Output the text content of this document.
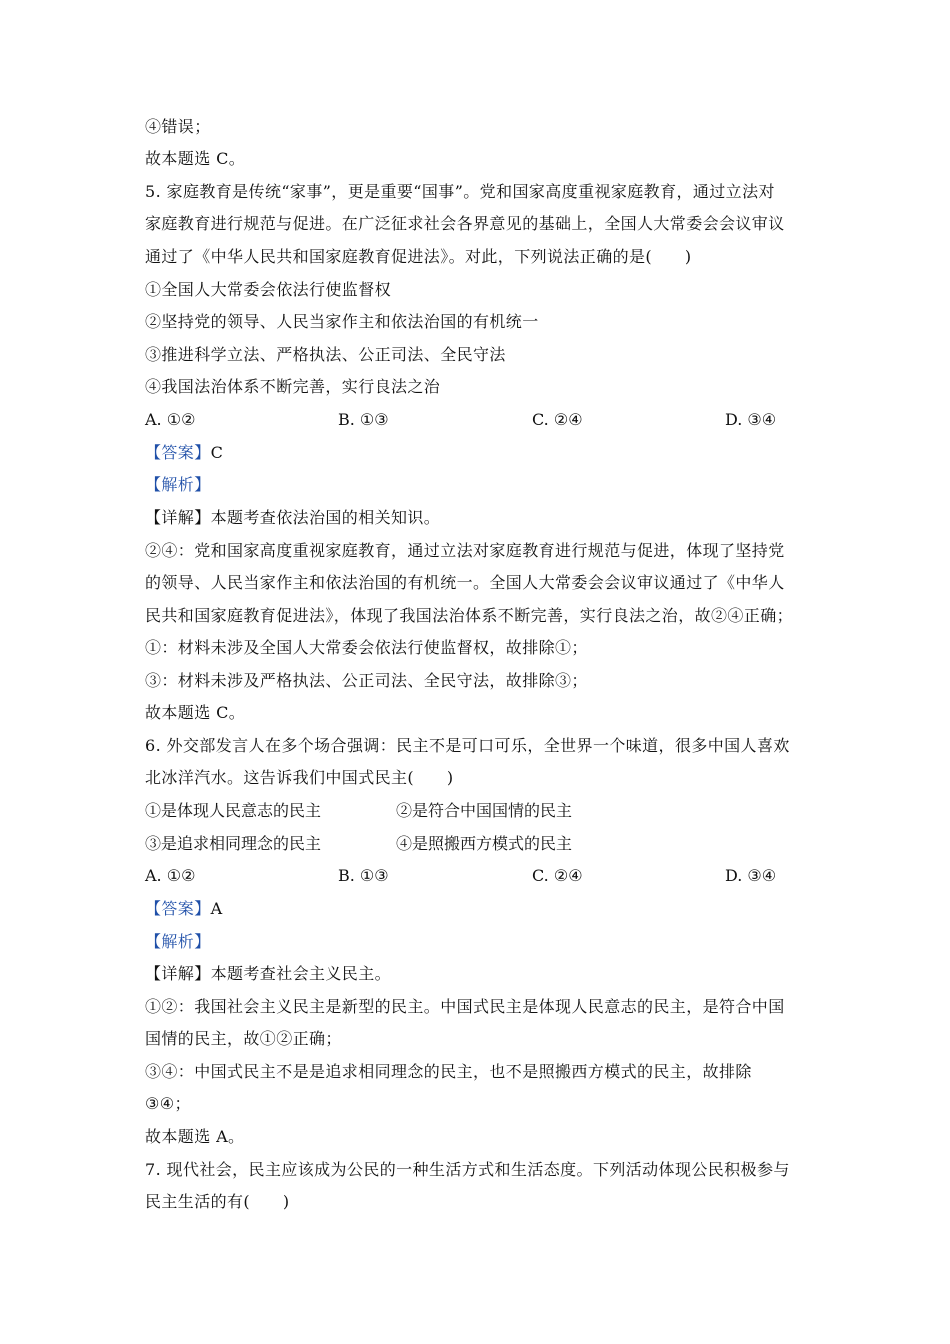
④错误；
故本题选 C。
5. 家庭教育是传统“家事”，更是重要“国事”。党和国家高度重视家庭教育，通过立法对
家庭教育进行规范与促进。在广泛征求社会各界意见的基础上，全国人大常委会会议审议
通过了《中华人民共和国家庭教育促进法》。对此，下列说法正确的是(　　)
①全国人大常委会依法行使监督权
②坚持党的领导、人民当家作主和依法治国的有机统一
③推进科学立法、严格执法、公正司法、全民守法
④我国法治体系不断完善，实行良法之治
A. ①②	B. ①③	C. ②④	D. ③④
【答案】C
【解析】
【详解】本题考查依法治国的相关知识。
②④：党和国家高度重视家庭教育，通过立法对家庭教育进行规范与促进，体现了坚持党
的领导、人民当家作主和依法治国的有机统一。全国人大常委会会议审议通过了《中华人
民共和国家庭教育促进法》，体现了我国法治体系不断完善，实行良法之治，故②④正确；
①：材料未涉及全国人大常委会依法行使监督权，故排除①；
③：材料未涉及严格执法、公正司法、全民守法，故排除③；
故本题选 C。
6. 外交部发言人在多个场合强调：民主不是可口可乐，全世界一个味道，很多中国人喜欢
北冰洋汽水。这告诉我们中国式民主(　　)
①是体现人民意志的民主	②是符合中国国情的民主
③是追求相同理念的民主	④是照搬西方模式的民主
A. ①②	B. ①③	C. ②④	D. ③④
【答案】A
【解析】
【详解】本题考查社会主义民主。
①②：我国社会主义民主是新型的民主。中国式民主是体现人民意志的民主，是符合中国
国情的民主，故①②正确；
③④：中国式民主不是是追求相同理念的民主，也不是照搬西方模式的民主，故排除
③④；
故本题选 A。
7. 现代社会，民主应该成为公民的一种生活方式和生活态度。下列活动体现公民积极参与
民主生活的有(　　)
